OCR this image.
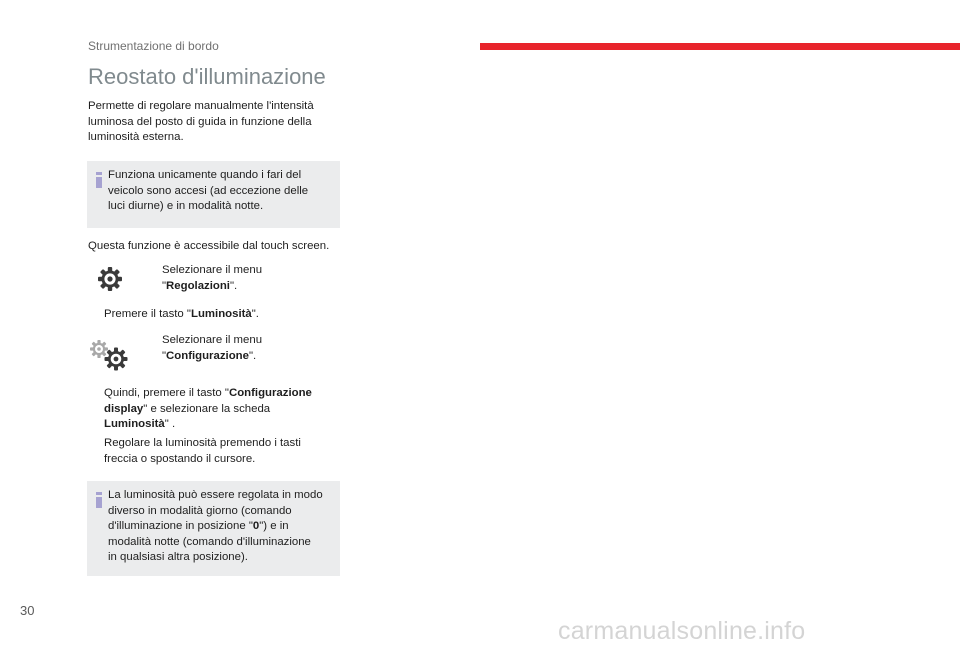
Strumentazione di bordo
Reostato d'illuminazione
Permette di regolare manualmente l'intensità
luminosa del posto di guida in funzione della
luminosità esterna.
Funziona unicamente quando i fari del
veicolo sono accesi (ad eccezione delle
luci diurne) e in modalità notte.
Questa funzione è accessibile dal touch screen.
Selezionare il menu
"Regolazioni".
Premere il tasto "Luminosità".
Selezionare il menu
"Configurazione".
Quindi, premere il tasto "Configurazione
display" e selezionare la scheda
Luminosità" .
Regolare la luminosità premendo i tasti
freccia o spostando il cursore.
La luminosità può essere regolata in modo
diverso in modalità giorno (comando
d'illuminazione in posizione "0") e in
modalità notte (comando d'illuminazione
in qualsiasi altra posizione).
30
carmanualsonline.info
